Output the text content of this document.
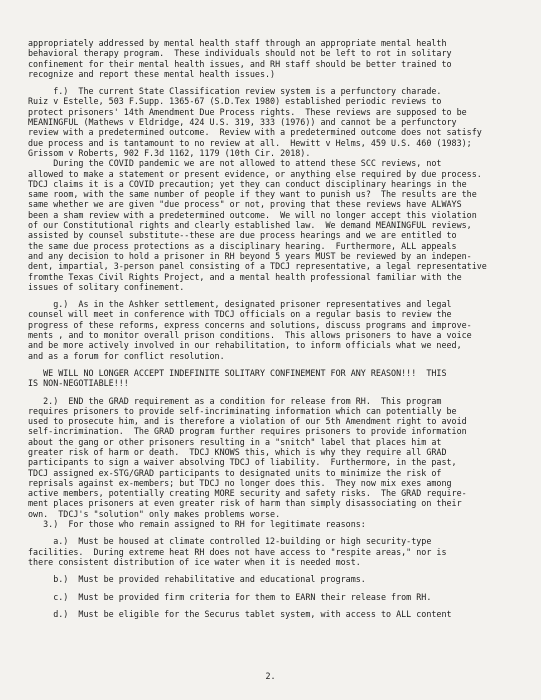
appropriately addressed by mental health staff through an appropriate mental health
behavioral therapy program.  These individuals should not be left to rot in solitary
confinement for their mental health issues, and RH staff should be better trained to
recognize and report these mental health issues.)
f.)  The current State Classification review system is a perfunctory charade.
Ruiz v Estelle, 503 F.Supp. 1365-67 (S.D.Tex 1980) established periodic reviews to
protect prisoners' 14th Amendment Due Process rights.  These reviews are supposed to be
MEANINGFUL (Mathews v Eldridge, 424 U.S. 319, 333 (1976)) and cannot be a perfunctory
review with a predetermined outcome.  Review with a predetermined outcome does not satisfy
due process and is tantamount to no review at all.  Hewitt v Helms, 459 U.S. 460 (1983);
Grissom v Roberts, 902 F.3d 1162, 1179 (10th Cir. 2018).
During the COVID pandemic we are not allowed to attend these SCC reviews, not
allowed to make a statement or present evidence, or anything else required by due process.
TDCJ claims it is a COVID precaution; yet they can conduct disciplinary hearings in the
same room, with the same number of people if they want to punish us?  The results are the
same whether we are given "due process" or not, proving that these reviews have ALWAYS
been a sham review with a predetermined outcome.  We will no longer accept this violation
of our Constitutional rights and clearly established law.  We demand MEANINGFUL reviews,
assisted by counsel substitute--these are due process hearings and we are entitled to
the same due process protections as a disciplinary hearing.  Furthermore, ALL appeals
and any decision to hold a prisoner in RH beyond 5 years MUST be reviewed by an indepen-
dent, impartial, 3-person panel consisting of a TDCJ representative, a legal representative
fromthe Texas Civil Rights Project, and a mental health professional familiar with the
issues of solitary confinement.
g.)  As in the Ashker settlement, designated prisoner representatives and legal
counsel will meet in conference with TDCJ officials on a regular basis to review the
progress of these reforms, express concerns and solutions, discuss programs and improve-
ments , and to monitor overall prison conditions.  This allows prisoners to have a voice
and be more actively involved in our rehabilitation, to inform officials what we need,
and as a forum for conflict resolution.
WE WILL NO LONGER ACCEPT INDEFINITE SOLITARY CONFINEMENT FOR ANY REASON!!!  THIS
IS NON-NEGOTIABLE!!!
2.)  END the GRAD requirement as a condition for release from RH.  This program
requires prisoners to provide self-incriminating information which can potentially be
used to prosecute him, and is therefore a violation of our 5th Amendment right to avoid
self-incrimination.  The GRAD program further requires prisoners to provide information
about the gang or other prisoners resulting in a "snitch" label that places him at
greater risk of harm or death.  TDCJ KNOWS this, which is why they require all GRAD
participants to sign a waiver absolving TDCJ of liability.  Furthermore, in the past,
TDCJ assigned ex-STG/GRAD participants to designated units to minimize the risk of
reprisals against ex-members; but TDCJ no longer does this.  They now mix exes among
active members, potentially creating MORE security and safety risks.  The GRAD require-
ment places prisoners at even greater risk of harm than simply disassociating on their
own.  TDCJ's "solution" only makes problems worse.
3.)  For those who remain assigned to RH for legitimate reasons:
a.)  Must be housed at climate controlled 12-building or high security-type
facilities.  During extreme heat RH does not have access to "respite areas," nor is
there consistent distribution of ice water when it is needed most.
b.)  Must be provided rehabilitative and educational programs.
c.)  Must be provided firm criteria for them to EARN their release from RH.
d.)  Must be eligible for the Securus tablet system, with access to ALL content
2.
